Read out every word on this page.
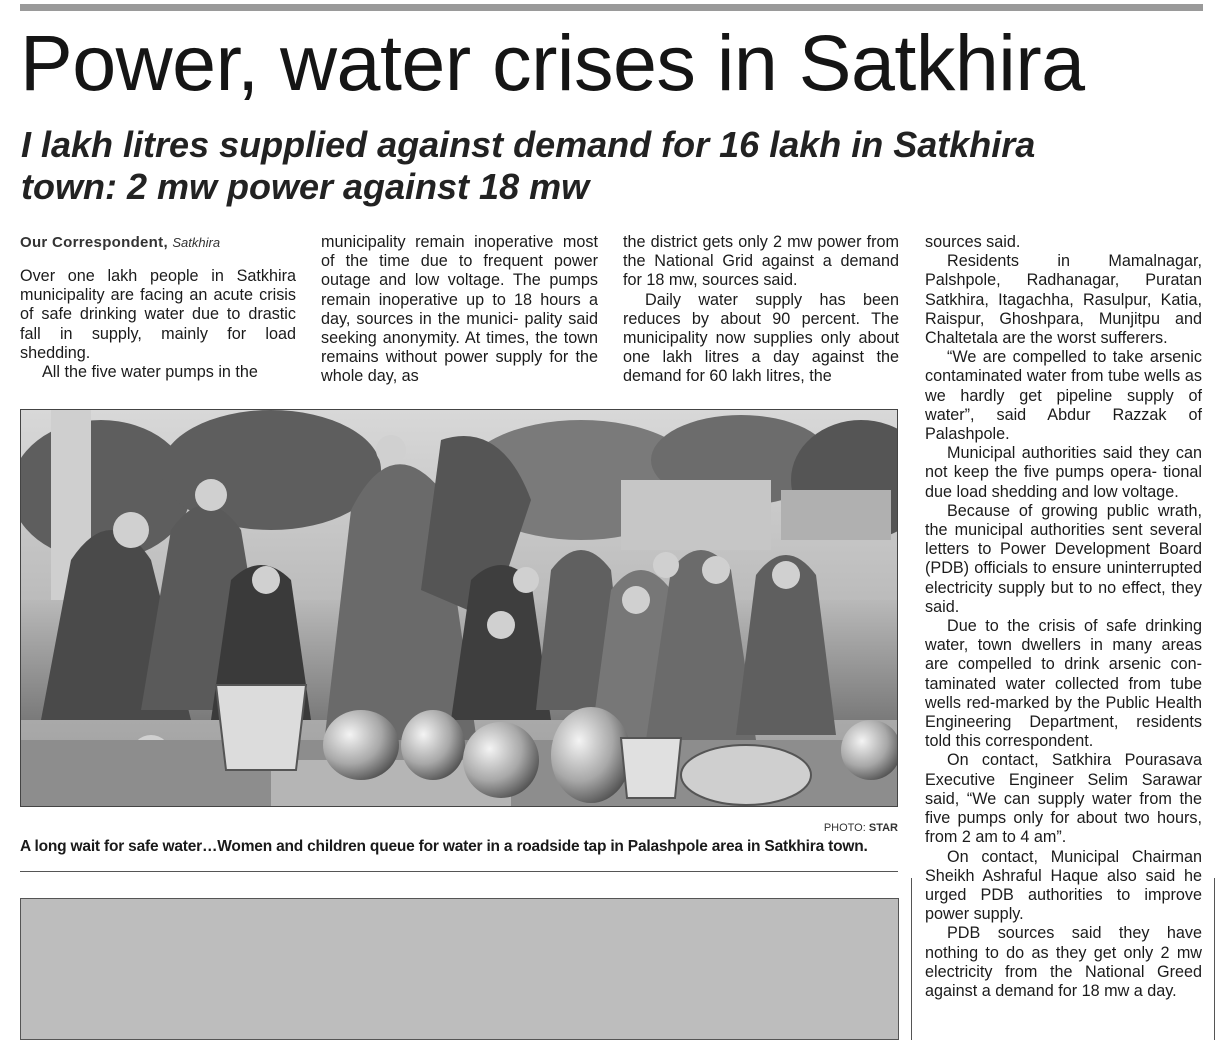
Power, water crises in Satkhira
I lakh litres supplied against demand for 16 lakh in Satkhira town: 2 mw power against 18 mw
Our Correspondent, Satkhira

Over one lakh people in Satkhira municipality are facing an acute crisis of safe drinking water due to drastic fall in supply, mainly for load shedding.

All the five water pumps in the

municipality remain inoperative most of the time due to frequent power outage and low voltage. The pumps remain inoperative up to 18 hours a day, sources in the munici- pality said seeking anonymity. At times, the town remains without power supply for the whole day, as

the district gets only 2 mw power from the National Grid against a demand for 18 mw, sources said.

Daily water supply has been reduces by about 90 percent. The municipality now supplies only about one lakh litres a day against the demand for 60 lakh litres, the

sources said.

Residents in Mamalnagar, Palshpole, Radhanagar, Puratan Satkhira, Itagachha, Rasulpur, Katia, Raispur, Ghoshpara, Munjitpu and Chaltetala are the worst sufferers.

“We are compelled to take arsenic contaminated water from tube wells as we hardly get pipeline supply of water”, said Abdur Razzak of Palashpole.

Municipal authorities said they can not keep the five pumps opera- tional due load shedding and low voltage.

Because of growing public wrath, the municipal authorities sent several letters to Power Development Board (PDB) officials to ensure uninterrupted electricity supply but to no effect, they said.

Due to the crisis of safe drinking water, town dwellers in many areas are compelled to drink arsenic con- taminated water collected from tube wells red-marked by the Public Health Engineering Department, residents told this correspondent.

On contact, Satkhira Pourasava Executive Engineer Selim Sarawar said, “We can supply water from the five pumps only for about two hours, from 2 am to 4 am”.

On contact, Municipal Chairman Sheikh Ashraful Haque also said he urged PDB authorities to improve power supply.

PDB sources said they have nothing to do as they get only 2 mw electricity from the National Greed against a demand for 18 mw a day.

PHOTO: STAR
A long wait for safe water…Women and children queue for water in a roadside tap in Palashpole area in Satkhira town.
